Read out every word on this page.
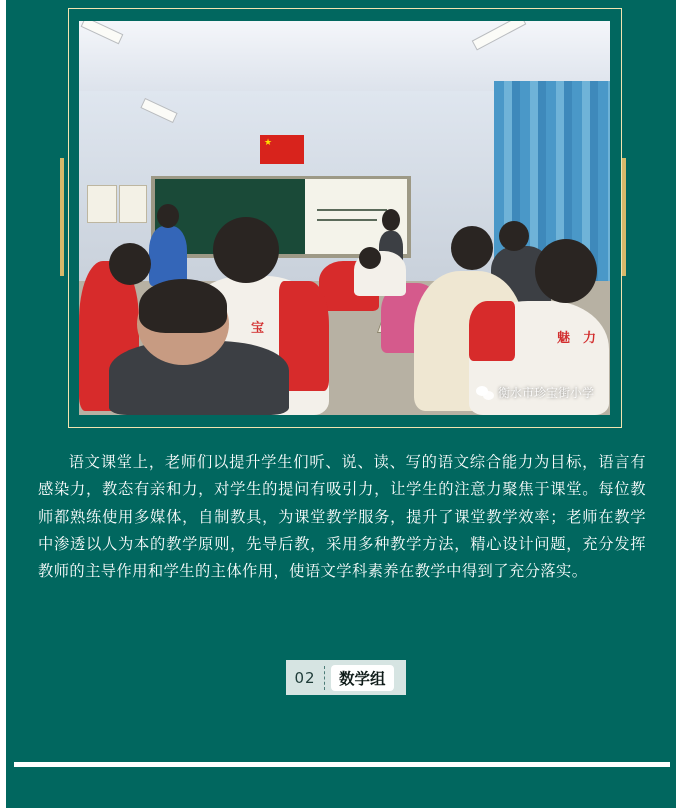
★
魅 力
宝
衡水市珍宝街小学
语文课堂上，老师们以提升学生们听、说、读、写的语文综合能力为目标，语言有感染力，教态有亲和力，对学生的提问有吸引力，让学生的注意力聚焦于课堂。每位教师都熟练使用多媒体，自制教具，为课堂教学服务，提升了课堂教学效率；老师在教学中渗透以人为本的教学原则，先导后教，采用多种教学方法，精心设计问题，充分发挥教师的主导作用和学生的主体作用，使语文学科素养在教学中得到了充分落实。
02	数学组
